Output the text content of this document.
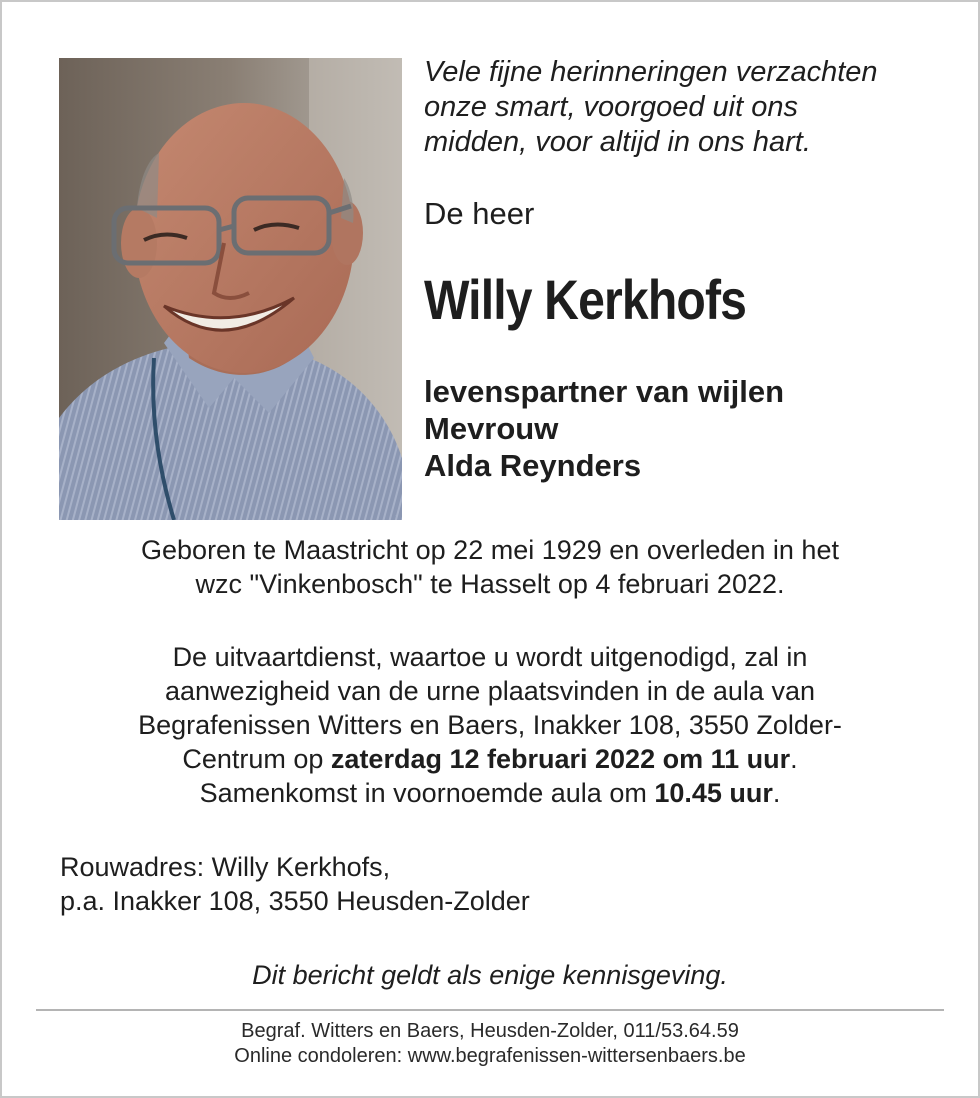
Vele fijne herinneringen verzachten
onze smart, voorgoed uit ons
midden, voor altijd in ons hart.

De heer

Willy Kerkhofs
levenspartner van wijlen
Mevrouw
Alda Reynders
Geboren te Maastricht op 22 mei 1929 en overleden in het
wzc "Vinkenbosch" te Hasselt op 4 februari 2022.
De uitvaartdienst, waartoe u wordt uitgenodigd, zal in
aanwezigheid van de urne plaatsvinden in de aula van
Begrafenissen Witters en Baers, Inakker 108, 3550 Zolder-
Centrum op zaterdag 12 februari 2022 om 11 uur.
Samenkomst in voornoemde aula om 10.45 uur.
Rouwadres: Willy Kerkhofs,
p.a. Inakker 108, 3550 Heusden-Zolder

Dit bericht geldt als enige kennisgeving.

Begraf. Witters en Baers, Heusden-Zolder, 011/53.64.59
Online condoleren: www.begrafenissen-wittersenbaers.be
